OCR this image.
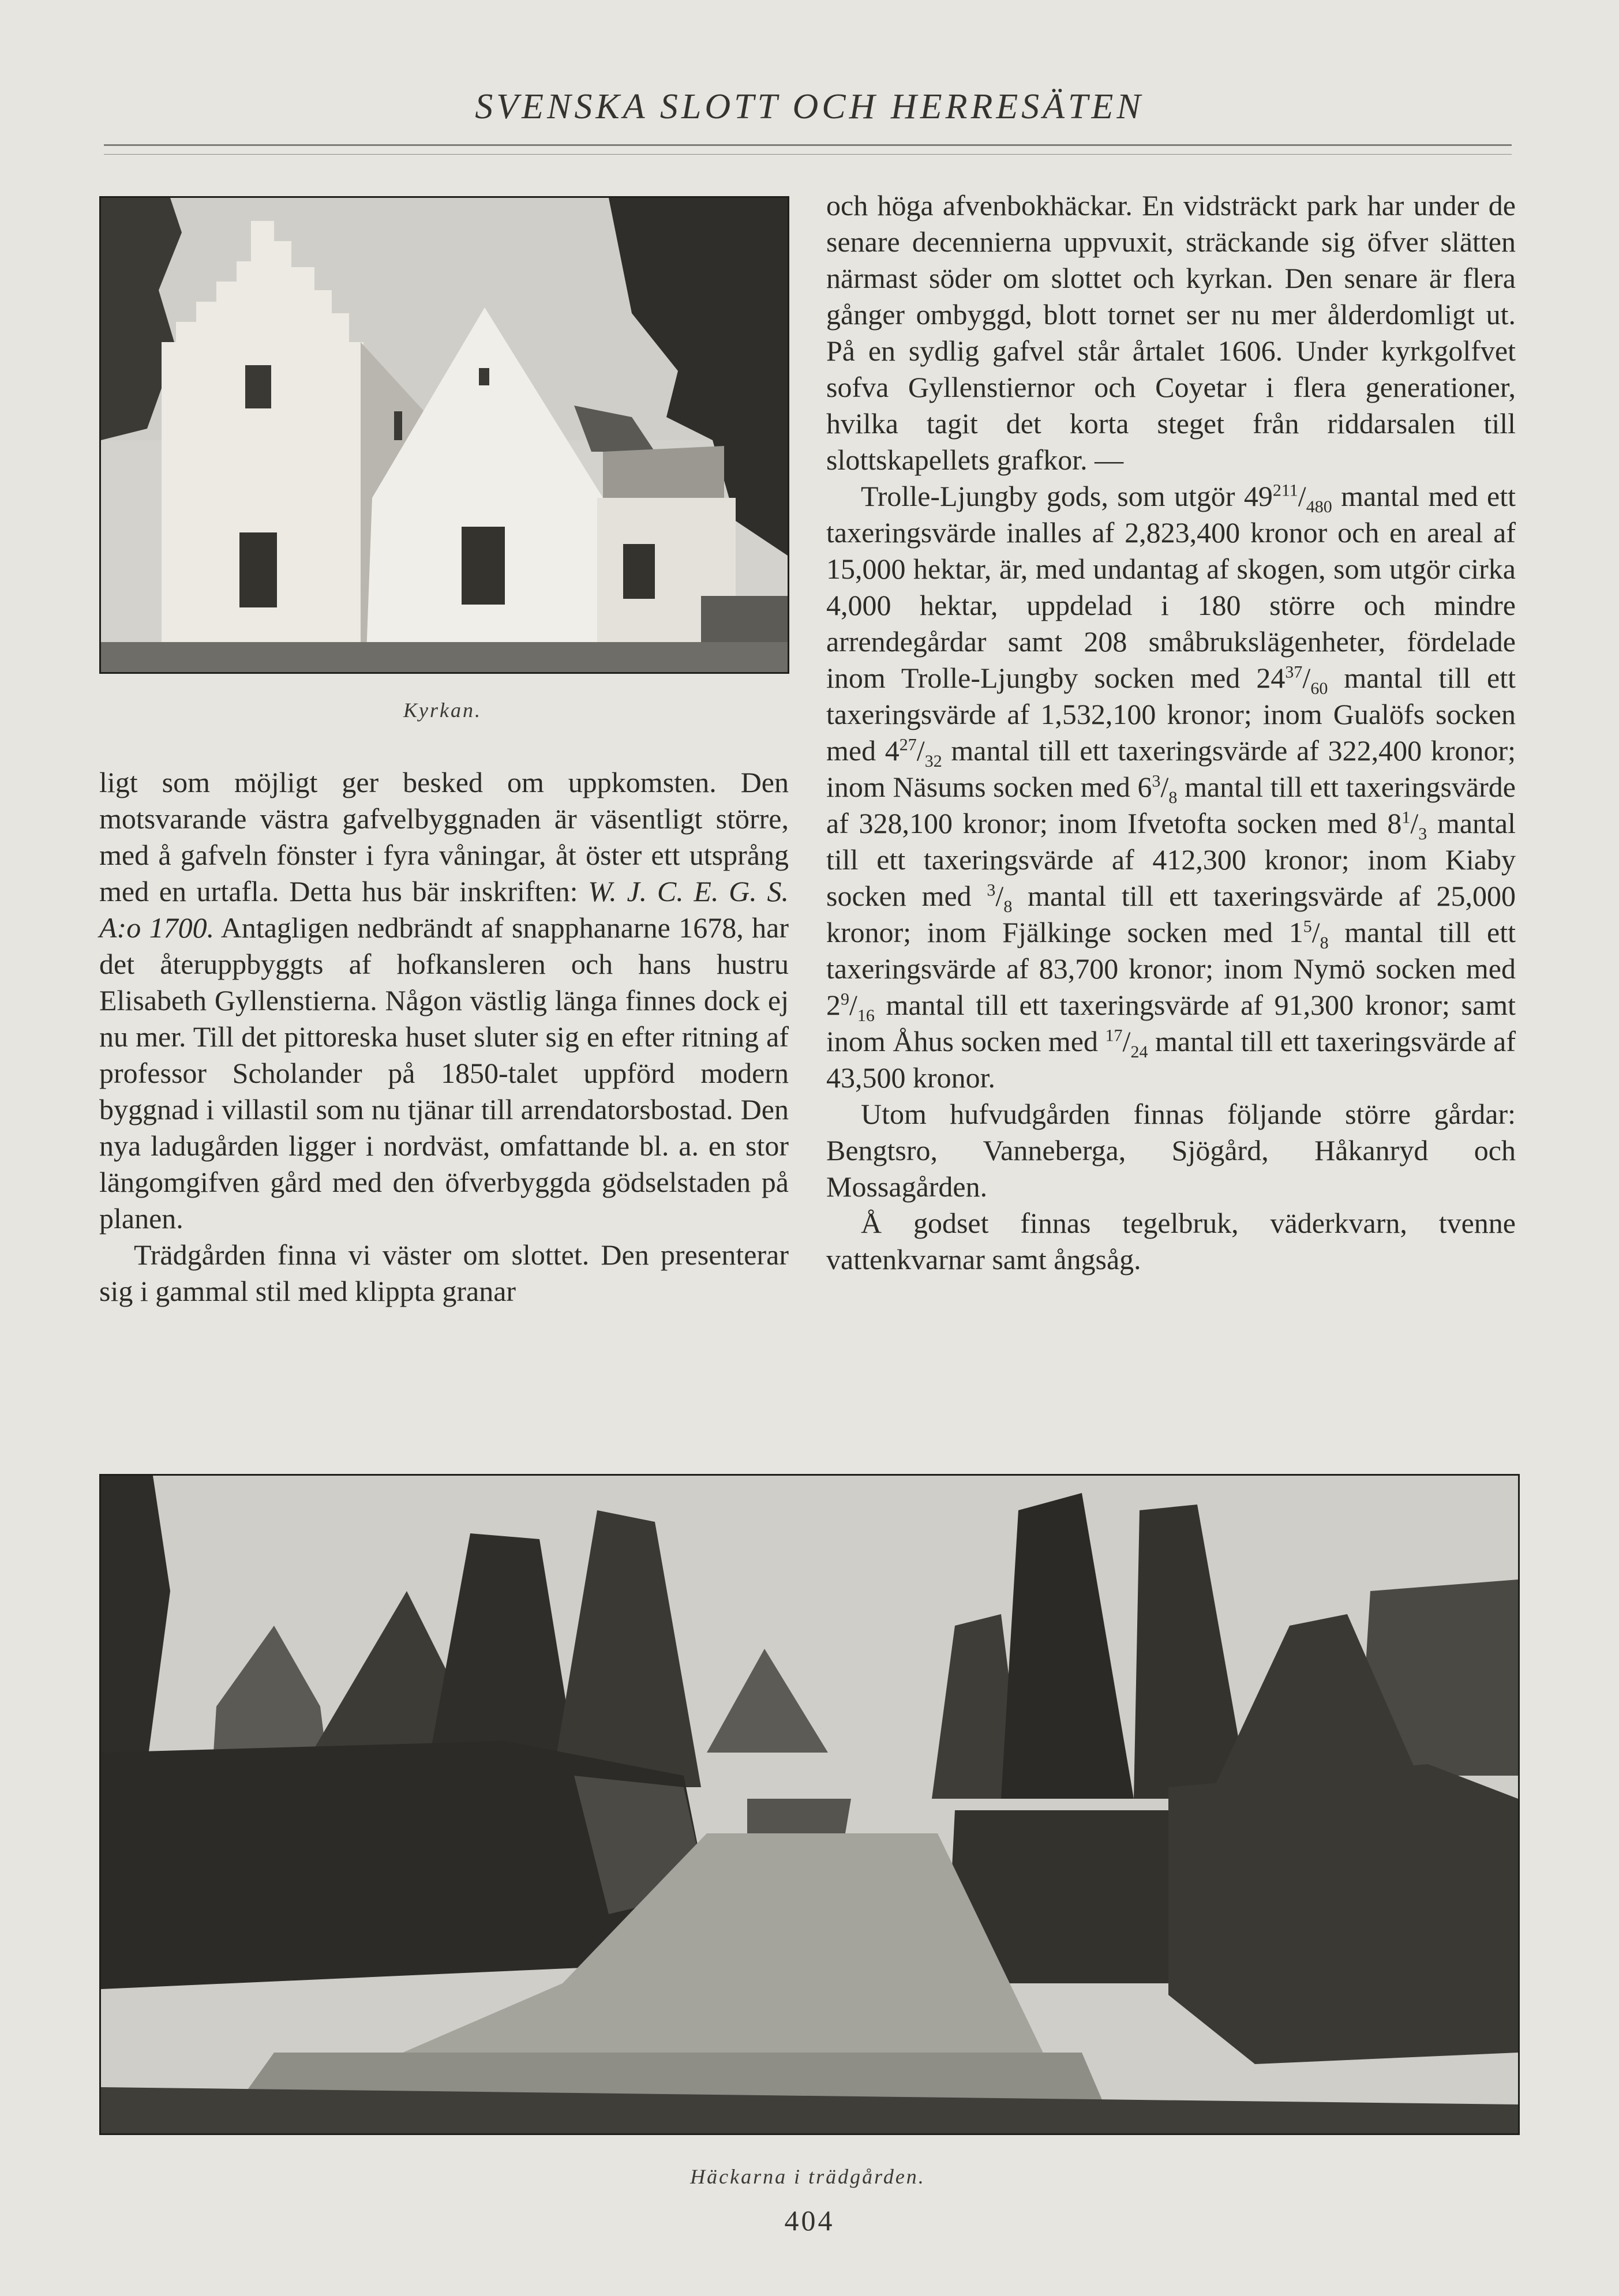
SVENSKA SLOTT OCH HERRESÄTEN
Kyrkan.

ligt som möjligt ger besked om uppkomsten. Den motsvarande västra gafvelbyggnaden är väsentligt större, med å gafveln fönster i fyra våningar, åt öster ett utsprång med en urtafla. Detta hus bär inskriften: W. J. C. E. G. S. A:o 1700. Antagligen nedbrändt af snapphanarne 1678, har det återuppbyggts af hofkansleren och hans hustru Elisabeth Gyllenstierna. Någon västlig länga finnes dock ej nu mer. Till det pittoreska huset sluter sig en efter ritning af professor Scholander på 1850-talet uppförd modern byggnad i villastil som nu tjänar till arrendatorsbostad. Den nya ladugården ligger i nordväst, omfattande bl. a. en stor längomgifven gård med den öfverbyggda gödselstaden på planen.

Trädgården finna vi väster om slottet. Den presenterar sig i gammal stil med klippta granar

och höga afvenbokhäckar. En vidsträckt park har under de senare decennierna uppvuxit, sträckande sig öfver slätten närmast söder om slottet och kyrkan. Den senare är flera gånger ombyggd, blott tornet ser nu mer ålderdomligt ut. På en sydlig gafvel står årtalet 1606. Under kyrkgolfvet sofva Gyllenstiernor och Coyetar i flera generationer, hvilka tagit det korta steget från riddarsalen till slottskapellets grafkor. —

Trolle-Ljungby gods, som utgör $49^{211}/_{480}$ mantal med ett taxeringsvärde inalles af 2,823,400 kronor och en areal af 15,000 hektar, är, med undantag af skogen, som utgör cirka 4,000 hektar, uppdelad i 180 större och mindre arrendegårdar samt 208 småbrukslägenheter, fördelade inom Trolle-Ljungby socken med $24^{37}/_{60}$ mantal till ett taxeringsvärde af 1,532,100 kronor; inom Gualöfs socken med $4^{27}/_{32}$ mantal till ett taxeringsvärde af 322,400 kronor; inom Näsums socken med $6^3/_8$ mantal till ett taxeringsvärde af 328,100 kronor; inom Ifvetofta socken med $8^1/_3$ mantal till ett taxeringsvärde af 412,300 kronor; inom Kiaby socken med $^3/_8$ mantal till ett taxeringsvärde af 25,000 kronor; inom Fjälkinge socken med $1^5/_8$ mantal till ett taxeringsvärde af 83,700 kronor; inom Nymö socken med $2^9/_{16}$ mantal till ett taxeringsvärde af 91,300 kronor; samt inom Åhus socken med $^{17}/_{24}$ mantal till ett taxeringsvärde af 43,500 kronor.

Utom hufvudgården finnas följande större gårdar: Bengtsro, Vanneberga, Sjögård, Håkanryd och Mossagården.

Å godset finnas tegelbruk, väderkvarn, tvenne vattenkvarnar samt ångsåg.

Häckarna i trädgården.
404
